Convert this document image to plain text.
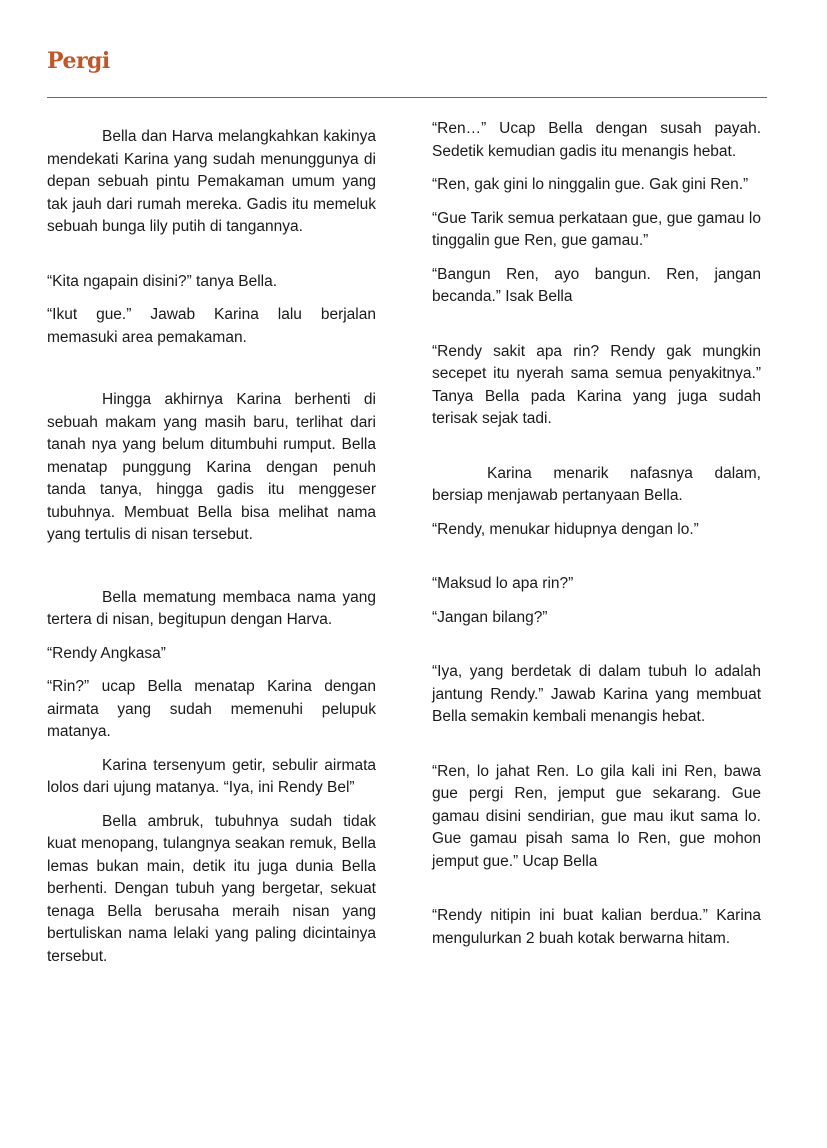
Pergi

Bella dan Harva melangkahkan kakinya mendekati Karina yang sudah menunggunya di depan sebuah pintu Pemakaman umum yang tak jauh dari rumah mereka. Gadis itu memeluk sebuah bunga lily putih di tangannya.

“Kita ngapain disini?” tanya Bella.

“Ikut gue.” Jawab Karina lalu berjalan memasuki area pemakaman.

Hingga akhirnya Karina berhenti di sebuah makam yang masih baru, terlihat dari tanah nya yang belum ditumbuhi rumput. Bella menatap punggung Karina dengan penuh tanda tanya, hingga gadis itu menggeser tubuhnya. Membuat Bella bisa melihat nama yang tertulis di nisan tersebut.

Bella mematung membaca nama yang tertera di nisan, begitupun dengan Harva.

“Rendy Angkasa”

“Rin?” ucap Bella menatap Karina dengan airmata yang sudah memenuhi pelupuk matanya.

Karina tersenyum getir, sebulir airmata lolos dari ujung matanya. “Iya, ini Rendy Bel”

Bella ambruk, tubuhnya sudah tidak kuat menopang, tulangnya seakan remuk, Bella lemas bukan main, detik itu juga dunia Bella berhenti. Dengan tubuh yang bergetar, sekuat tenaga Bella berusaha meraih nisan yang bertuliskan nama lelaki yang paling dicintainya tersebut.

“Ren…” Ucap Bella dengan susah payah. Sedetik kemudian gadis itu menangis hebat.

“Ren, gak gini lo ninggalin gue. Gak gini Ren.”

“Gue Tarik semua perkataan gue, gue gamau lo tinggalin gue Ren, gue gamau.”

“Bangun Ren, ayo bangun. Ren, jangan becanda.” Isak Bella

“Rendy sakit apa rin? Rendy gak mungkin secepet itu nyerah sama semua penyakitnya.” Tanya Bella pada Karina yang juga sudah terisak sejak tadi.

Karina menarik nafasnya dalam, bersiap menjawab pertanyaan Bella.

“Rendy, menukar hidupnya dengan lo.”

“Maksud lo apa rin?”

“Jangan bilang?”

“Iya, yang berdetak di dalam tubuh lo adalah jantung Rendy.” Jawab Karina yang membuat Bella semakin kembali menangis hebat.

“Ren, lo jahat Ren. Lo gila kali ini Ren, bawa gue pergi Ren, jemput gue sekarang. Gue gamau disini sendirian, gue mau ikut sama lo. Gue gamau pisah sama lo Ren, gue mohon jemput gue.” Ucap Bella

“Rendy nitipin ini buat kalian berdua.” Karina mengulurkan 2 buah kotak berwarna hitam.
